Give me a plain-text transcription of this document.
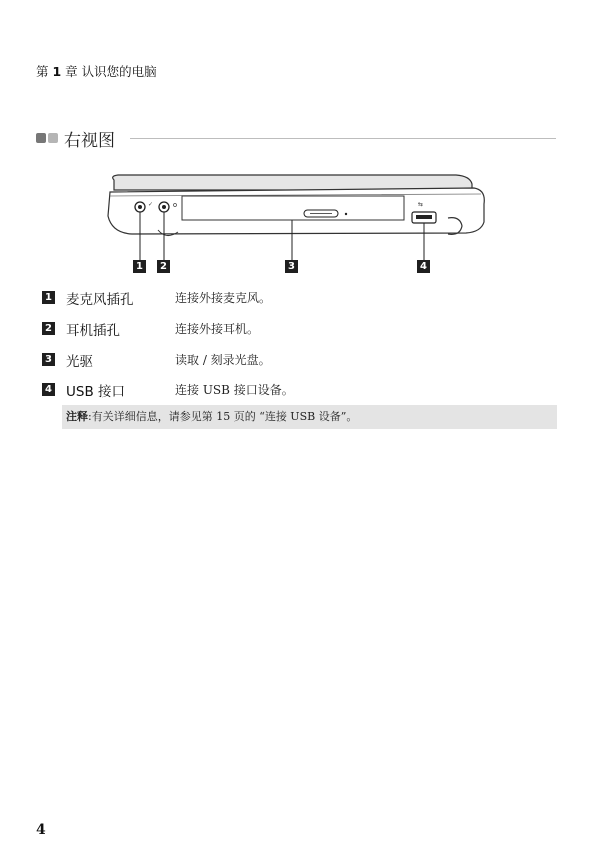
第 1 章 认识您的电脑
右视图
✓	⇆
1	2	3	4
1 麦克风插孔	连接外接麦克风。
2 耳机插孔	连接外接耳机。
3 光驱	读取 / 刻录光盘。
4 USB 接口	连接 USB 接口设备。
注释:有关详细信息，请参见第 15 页的 “连接 USB 设备”。
4
